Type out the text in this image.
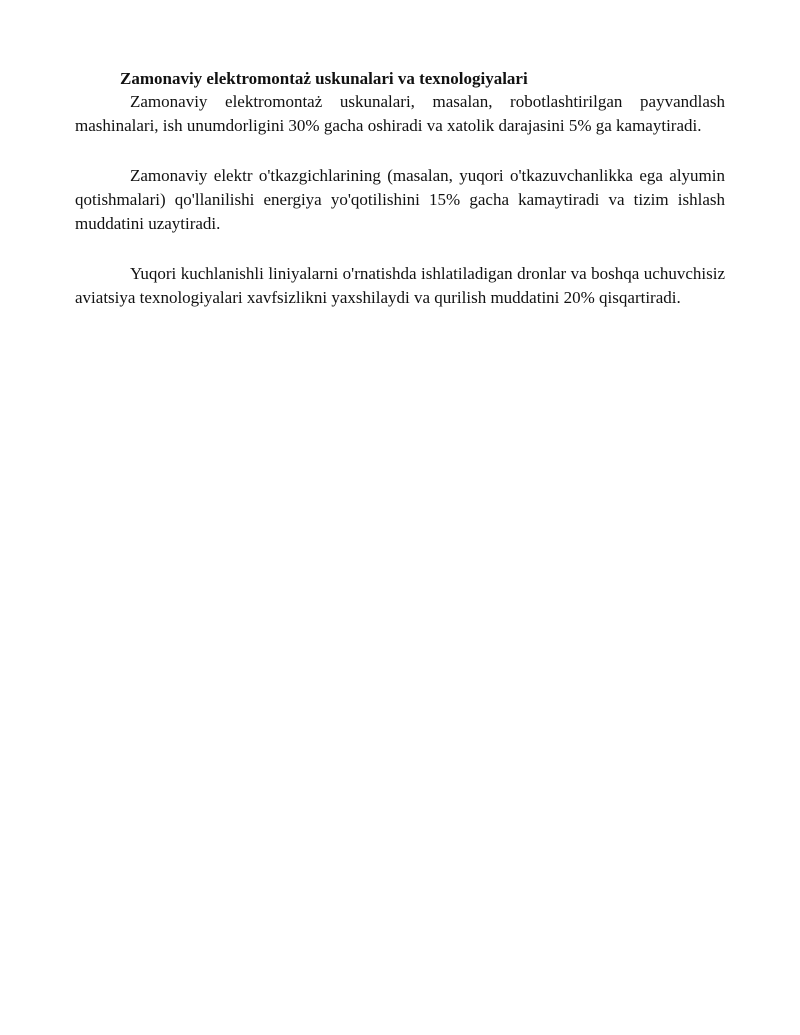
Zamonaviy elektromontaż uskunalari va texnologiyalari

Zamonaviy elektromontaż uskunalari, masalan, robotlashtirilgan payvandlash mashinalari, ish unumdorligini 30% gacha oshiradi va xatolik darajasini 5% ga kamaytiradi.

Zamonaviy elektr o'tkazgichlarining (masalan, yuqori o'tkazuvchanlikka ega alyumin qotishmalari) qo'llanilishi energiya yo'qotilishini 15% gacha kamaytiradi va tizim ishlash muddatini uzaytiradi.

Yuqori kuchlanishli liniyalarni o'rnatishda ishlatiladigan dronlar va boshqa uchuvchisiz aviatsiya texnologiyalari xavfsizlikni yaxshilaydi va qurilish muddatini 20% qisqartiradi.
